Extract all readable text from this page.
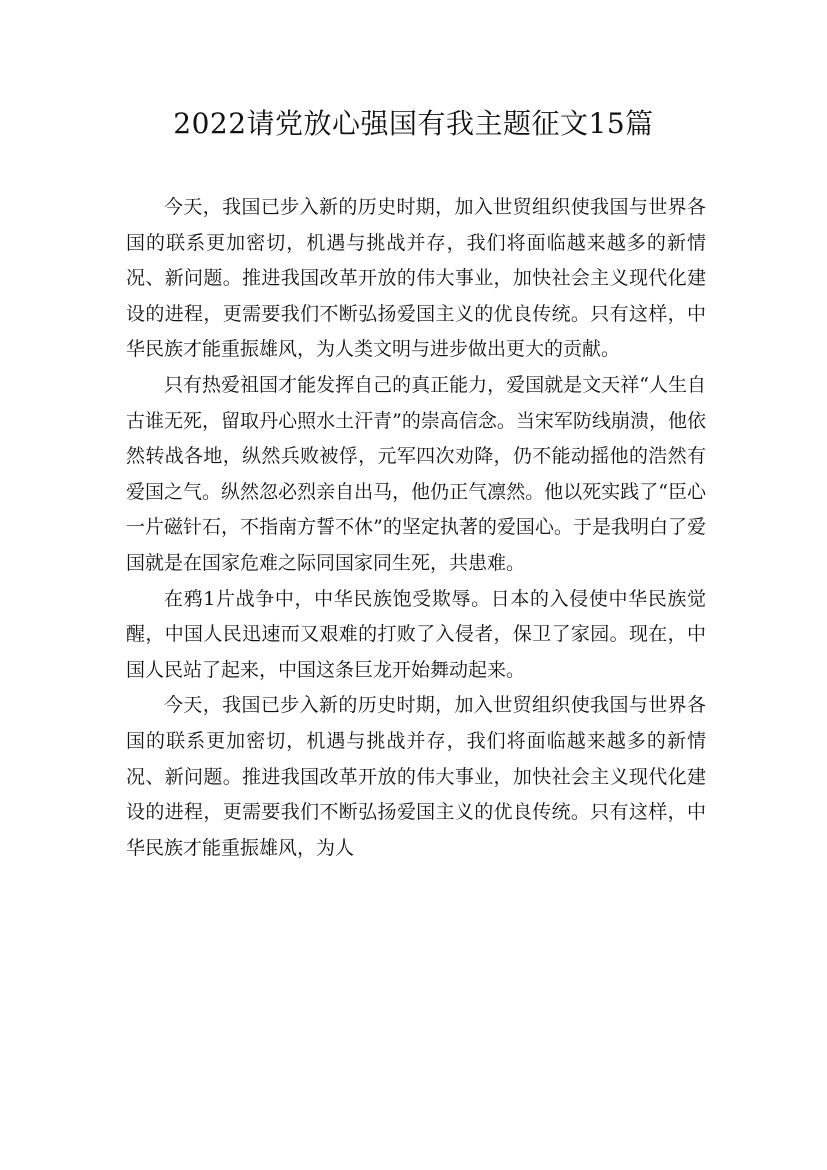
2022请党放心强国有我主题征文15篇

今天，我国已步入新的历史时期，加入世贸组织使我国与世界各国的联系更加密切，机遇与挑战并存，我们将面临越来越多的新情况、新问题。推进我国改革开放的伟大事业，加快社会主义现代化建设的进程，更需要我们不断弘扬爱国主义的优良传统。只有这样，中华民族才能重振雄风，为人类文明与进步做出更大的贡献。

只有热爱祖国才能发挥自己的真正能力，爱国就是文天祥“人生自古谁无死，留取丹心照水土汗青”的崇高信念。当宋军防线崩溃，他依然转战各地，纵然兵败被俘，元军四次劝降，仍不能动摇他的浩然有爱国之气。纵然忽必烈亲自出马，他仍正气凛然。他以死实践了“臣心一片磁针石，不指南方誓不休”的坚定执著的爱国心。于是我明白了爱国就是在国家危难之际同国家同生死，共患难。

在鸦1片战争中，中华民族饱受欺辱。日本的入侵使中华民族觉醒，中国人民迅速而又艰难的打败了入侵者，保卫了家园。现在，中国人民站了起来，中国这条巨龙开始舞动起来。

今天，我国已步入新的历史时期，加入世贸组织使我国与世界各国的联系更加密切，机遇与挑战并存，我们将面临越来越多的新情况、新问题。推进我国改革开放的伟大事业，加快社会主义现代化建设的进程，更需要我们不断弘扬爱国主义的优良传统。只有这样，中华民族才能重振雄风，为人
